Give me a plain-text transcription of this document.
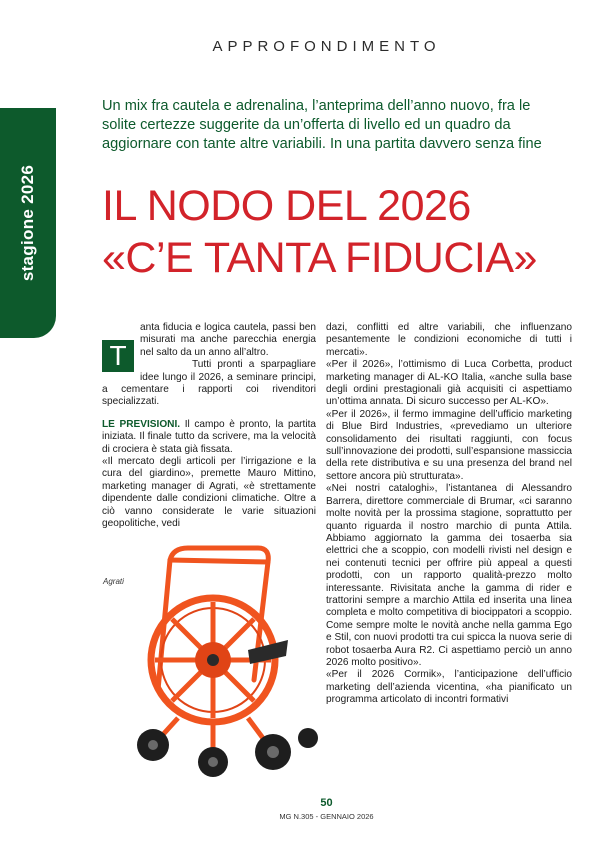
stagione 2026
APPROFONDIMENTO
Un mix fra cautela e adrenalina, l’anteprima dell’anno nuovo, fra le solite certezze suggerite da un’offerta di livello ed un quadro da aggiornare con tante altre variabili. In una partita davvero senza fine
IL NODO DEL 2026
«C’E TANTA FIDUCIA»
T

anta fiducia e logica cautela, passi ben misurati ma anche parecchia energia nel salto da un anno all’altro.

Tutti pronti a sparpagliare idee lungo il 2026, a seminare principi, a cementare i rapporti coi rivenditori specializzati.

LE PREVISIONI. Il campo è pronto, la partita iniziata. Il finale tutto da scrivere, ma la velocità di crociera è stata già fissata.

«Il mercato degli articoli per l’irrigazione e la cura del giardino», premette Mauro Mittino, marketing manager di Agrati, «è strettamente dipendente dalle condizioni climatiche. Oltre a ciò vanno considerate le varie situazioni geopolitiche, vedi

Agrati

dazi, conflitti ed altre variabili, che influenzano pesantemente le condizioni economiche di tutti i mercati».

«Per il 2026», l’ottimismo di Luca Corbetta, product marketing manager di AL-KO Italia, «anche sulla base degli ordini prestagionali già acquisiti ci aspettiamo un’ottima annata. Di sicuro successo per AL-KO».

«Per il 2026», il fermo immagine dell’ufficio marketing di Blue Bird Industries, «prevediamo un ulteriore consolidamento dei risultati raggiunti, con focus sull’innovazione dei prodotti, sull’espansione massiccia della rete distributiva e su una presenza del brand nel settore ancora più strutturata».

«Nei nostri cataloghi», l’istantanea di Alessandro Barrera, direttore commerciale di Brumar, «ci saranno molte novità per la prossima stagione, soprattutto per quanto riguarda il nostro marchio di punta Attila. Abbiamo aggiornato la gamma dei tosaerba sia elettrici che a scoppio, con modelli rivisti nel design e nei contenuti tecnici per offrire più appeal a questi prodotti, con un rapporto qualità-prezzo molto interessante. Rivisitata anche la gamma di rider e trattorini sempre a marchio Attila ed inserita una linea completa e molto competitiva di biocippatori a scoppio. Come sempre molte le novità anche nella gamma Ego e Stil, con nuovi prodotti tra cui spicca la nuova serie di robot tosaerba Aura R2. Ci aspettiamo perciò un anno 2026 molto positivo».

«Per il 2026 Cormik», l’anticipazione dell’ufficio marketing dell’azienda vicentina, «ha pianificato un programma articolato di incontri formativi

50
MG N.305 - GENNAIO 2026
